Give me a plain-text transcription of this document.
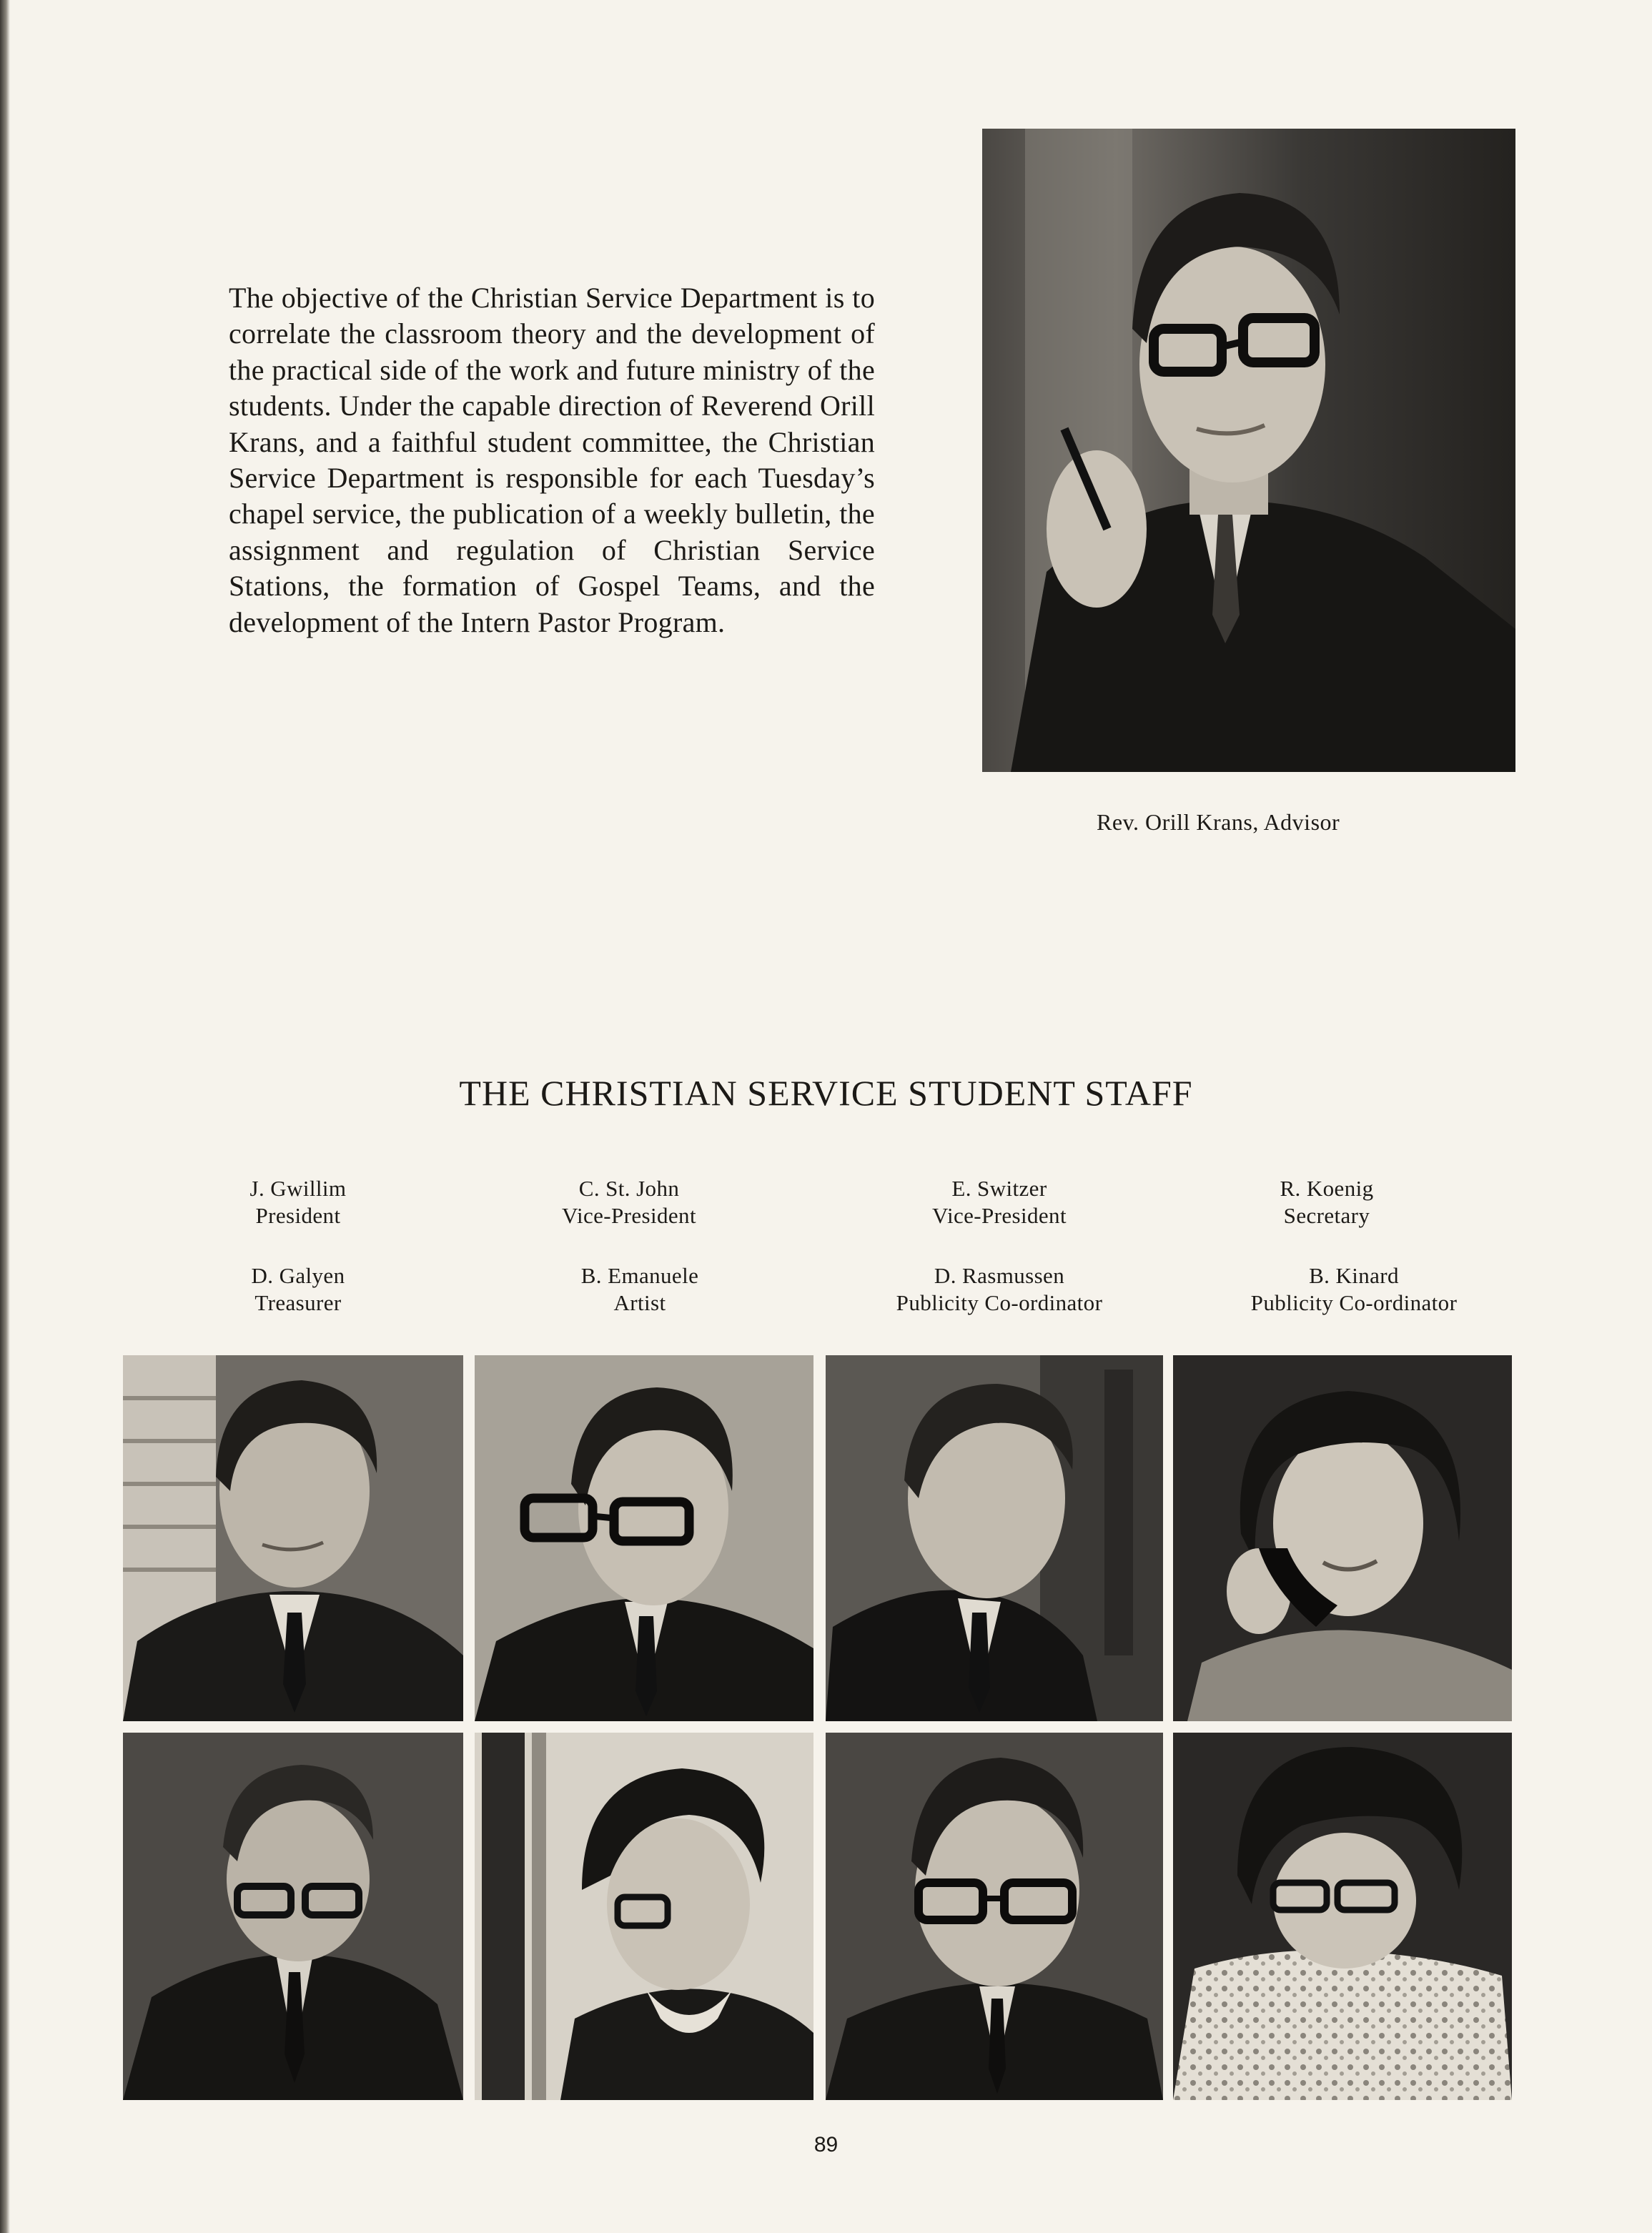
The objective of the Christian Service Department is to correlate the classroom theory and the development of the practical side of the work and future ministry of the students. Under the capable direction of Reverend Orill Krans, and a faithful student committee, the Christian Service Department is responsible for each Tuesday’s chapel service, the publication of a weekly bulletin, the assignment and regulation of Christian Service Stations, the formation of Gospel Teams, and the development of the Intern Pastor Program.

Rev. Orill Krans, Advisor
THE CHRISTIAN SERVICE STUDENT STAFF
J. Gwillim
President
C. St. John
Vice-President
E. Switzer
Vice-President
R. Koenig
Secretary
D. Galyen
Treasurer
B. Emanuele
Artist
D. Rasmussen
Publicity Co-ordinator
B. Kinard
Publicity Co-ordinator
89
